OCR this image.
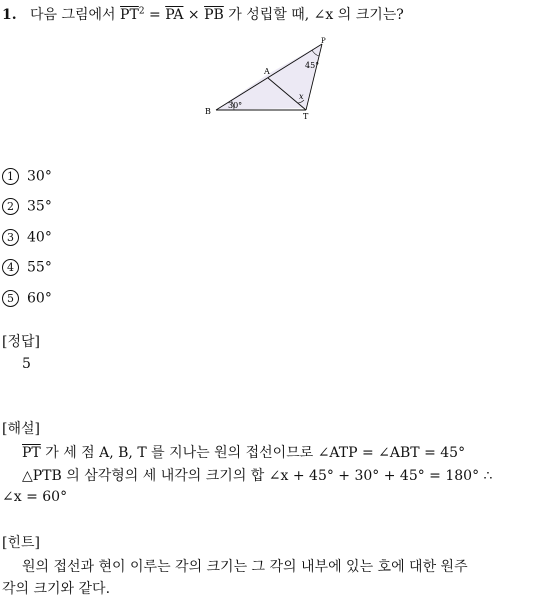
1. 다음 그림에서 $\overline{PT}^2 = \overline{PA} \times \overline{PB}$ 가 성립할 때, ∠x 의 크기는?
P
A
B
T
45°
30°
x
1 30°
2 35°
3 40°
4 55°
5 60°
[정답]
5
[해설]
$\overline{PT}$ 가 세 점 A, B, T 를 지나는 원의 접선이므로 ∠ATP = ∠ABT = 45°
△PTB 의 삼각형의 세 내각의 크기의 합 ∠x + 45° + 30° + 45° = 180° ∴
∠x = 60°
[힌트]
원의 접선과 현이 이루는 각의 크기는 그 각의 내부에 있는 호에 대한 원주
각의 크기와 같다.
